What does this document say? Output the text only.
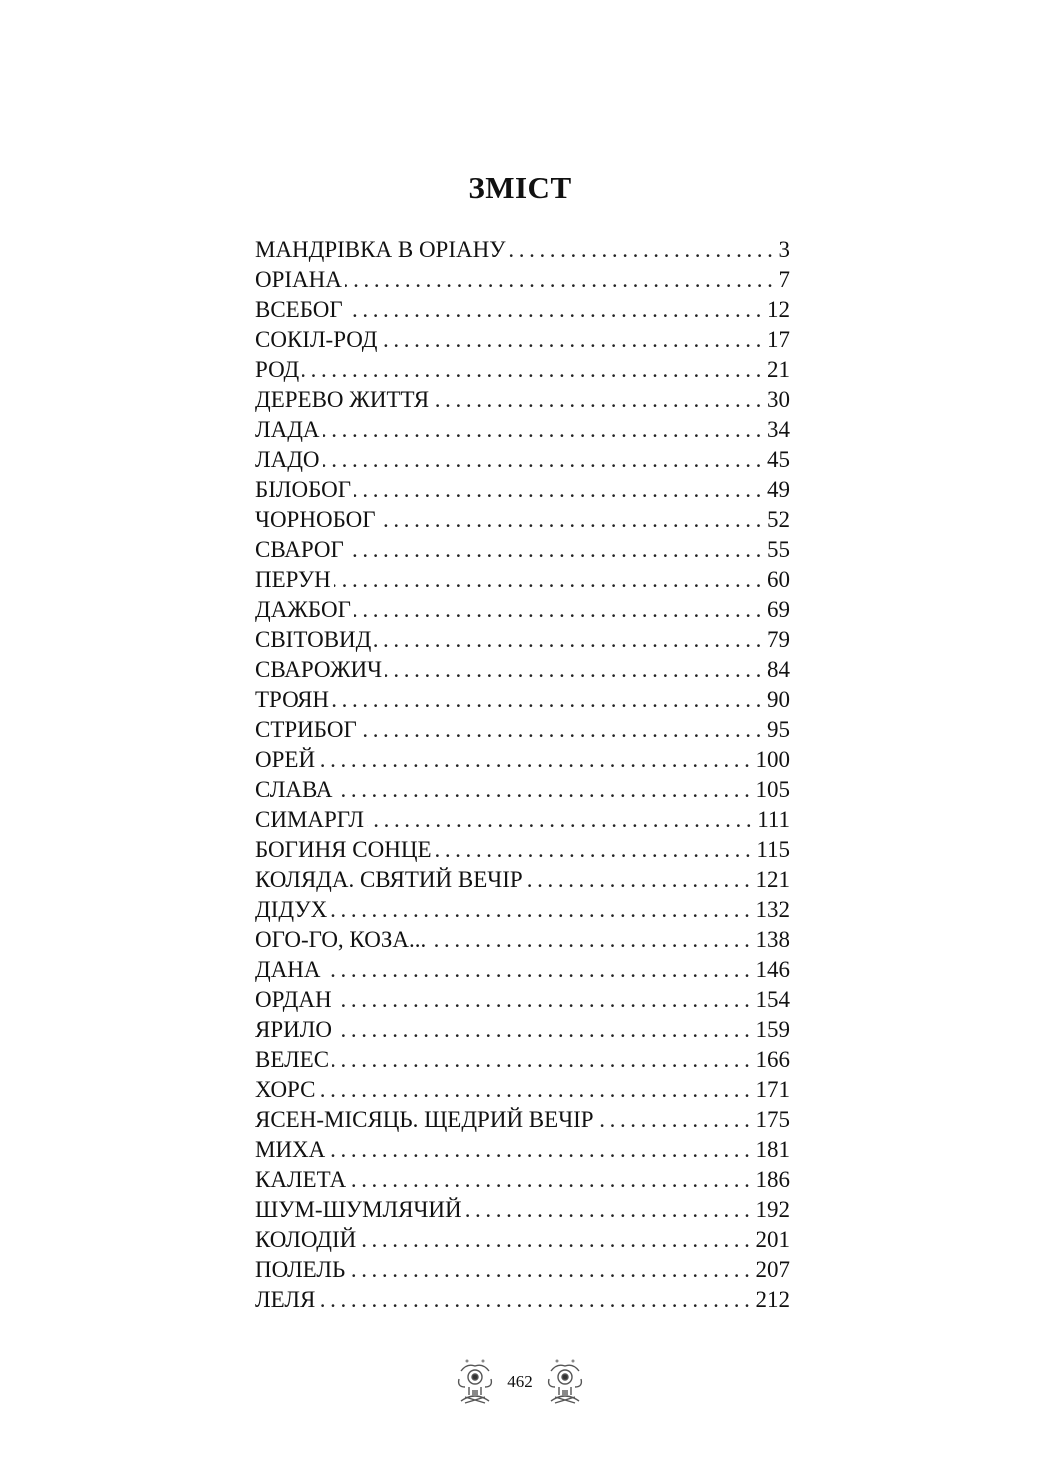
ЗМІСТ
МАНДРІВКА В ОРІАНУ .....	3
ОРІАНА .....	7
ВСЕБОГ .....	12
СОКІЛ-РОД .....	17
РОД .....	21
ДЕРЕВО ЖИТТЯ .....	30
ЛАДА .....	34
ЛАДО .....	45
БІЛОБОГ .....	49
ЧОРНОБОГ .....	52
СВАРОГ .....	55
ПЕРУН .....	60
ДАЖБОГ .....	69
СВІТОВИД .....	79
СВАРОЖИЧ .....	84
ТРОЯН .....	90
СТРИБОГ .....	95
ОРЕЙ .....	100
СЛАВА .....	105
СИМАРГЛ .....	111
БОГИНЯ СОНЦЕ .....	115
КОЛЯДА. СВЯТИЙ ВЕЧІР .....	121
ДІДУХ .....	132
ОГО-ГО, КОЗА... .....	138
ДАНА .....	146
ОРДАН .....	154
ЯРИЛО .....	159
ВЕЛЕС .....	166
ХОРС .....	171
ЯСЕН-МІСЯЦЬ. ЩЕДРИЙ ВЕЧІР .....	175
МИХА .....	181
КАЛЕТА .....	186
ШУМ-ШУМЛЯЧИЙ .....	192
КОЛОДІЙ .....	201
ПОЛЕЛЬ .....	207
ЛЕЛЯ .....	212
462
